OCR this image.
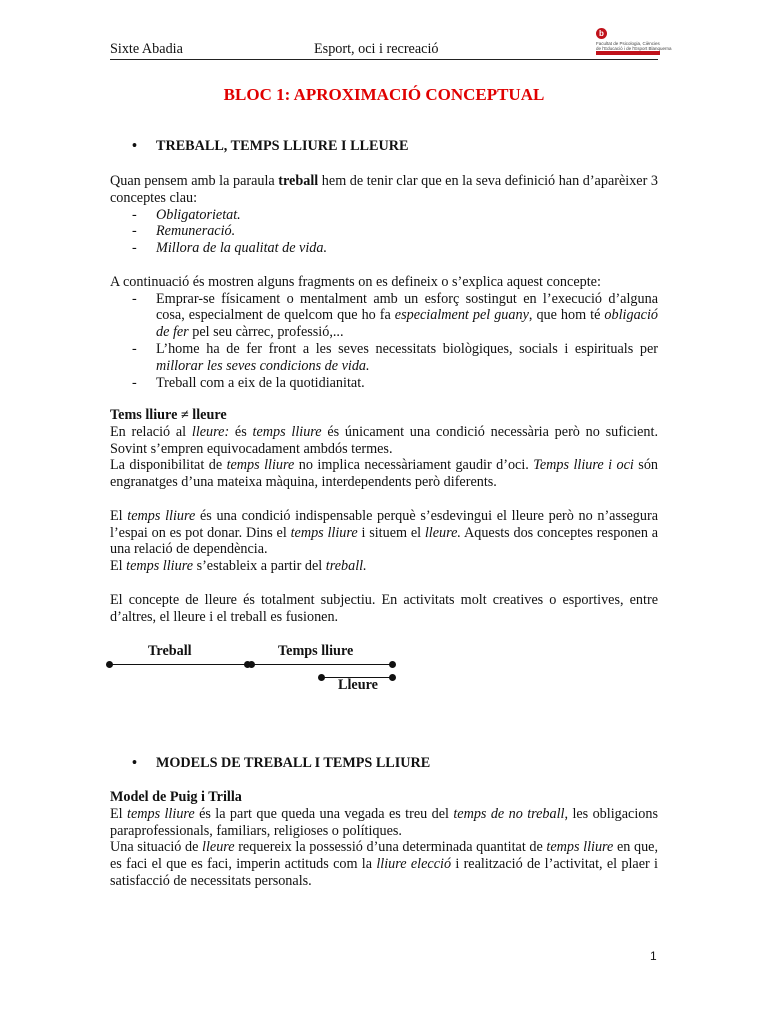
Sixte Abadia	Esport, oci i recreació
b
Facultat de Psicologia, Ciències
de l'Educació i de l'Esport Blanquerna
BLOC 1: APROXIMACIÓ CONCEPTUAL
• TREBALL, TEMPS LLIURE I LLEURE

Quan pensem amb la paraula treball hem de tenir clar que en la seva definició han d’aparèixer 3 conceptes clau:

- Obligatorietat.
- Remuneració.
- Millora de la qualitat de vida.

A continuació és mostren alguns fragments on es defineix o s’explica aquest concepte:

- Emprar-se físicament o mentalment amb un esforç sostingut en l’execució d’alguna cosa, especialment de quelcom que ho fa especialment pel guany, que hom té obligació de fer pel seu càrrec, professió,...
- L’home ha de fer front a les seves necessitats biològiques, socials i espirituals per millorar les seves condicions de vida.
- Treball com a eix de la quotidianitat.

Tems lliure ≠ lleure

En relació al lleure: és temps lliure és únicament una condició necessària però no suficient. Sovint s’empren equivocadament ambdós termes.

La disponibilitat de temps lliure no implica necessàriament gaudir d’oci. Temps lliure i oci són engranatges d’una mateixa màquina, interdependents però diferents.

El temps lliure és una condició indispensable perquè s’esdevingui el lleure però no n’assegura l’espai on es pot donar. Dins el temps lliure i situem el lleure. Aquests dos conceptes responen a una relació de dependència.

El temps lliure s’estableix a partir del treball.

El concepte de lleure és totalment subjectiu. En activitats molt creatives o esportives, entre d’altres, el lleure i el treball es fusionen.

Treball	Temps lliure
Lleure
• MODELS DE TREBALL I TEMPS LLIURE

Model de Puig i Trilla

El temps lliure és la part que queda una vegada es treu del temps de no treball, les obligacions paraprofessionals, familiars, religioses o polítiques.

Una situació de lleure requereix la possessió d’una determinada quantitat de temps lliure en que, es faci el que es faci, imperin actituds com la lliure elecció i realització de l’activitat, el plaer i satisfacció de necessitats personals.

1
